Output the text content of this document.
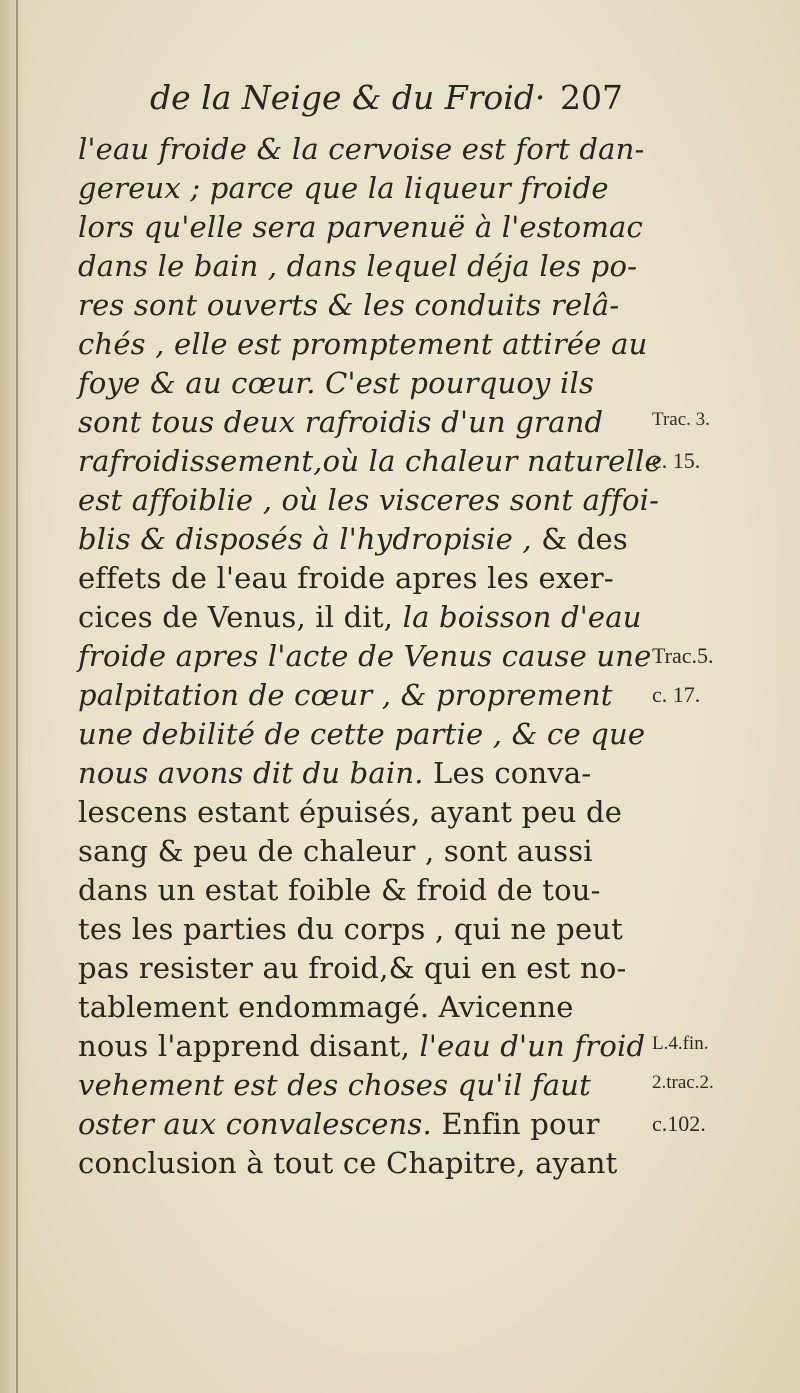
de la Neige & du Froid· 207
l'eau froide & la cervoise est fort dan-
gereux ; parce que la liqueur froide
lors qu'elle sera parvenuë à l'estomac
dans le bain , dans lequel déja les po-
res sont ouverts & les conduits relâ-
chés , elle est promptement attirée au
foye & au cœur. C'est pourquoy ils
sont tous deux rafroidis d'un grand
rafroidissement,où la chaleur naturelle
est affoiblie , où les visceres sont affoi-
blis & disposés à l'hydropisie , & des
effets de l'eau froide apres les exer-
cices de Venus, il dit, la boisson d'eau
froide apres l'acte de Venus cause une
palpitation de cœur , & proprement
une debilité de cette partie , & ce que
nous avons dit du bain. Les conva-
lescens estant épuisés, ayant peu de
sang & peu de chaleur , sont aussi
dans un estat foible & froid de tou-
tes les parties du corps , qui ne peut
pas resister au froid,& qui en est no-
tablement endommagé. Avicenne
nous l'apprend disant, l'eau d'un froid
vehement est des choses qu'il faut
oster aux convalescens. Enfin pour
conclusion à tout ce Chapitre, ayant
Trac. 3.
c. 15.
Trac.5.
c. 17.
L.4.fin.
2.trac.2.
c.102.
